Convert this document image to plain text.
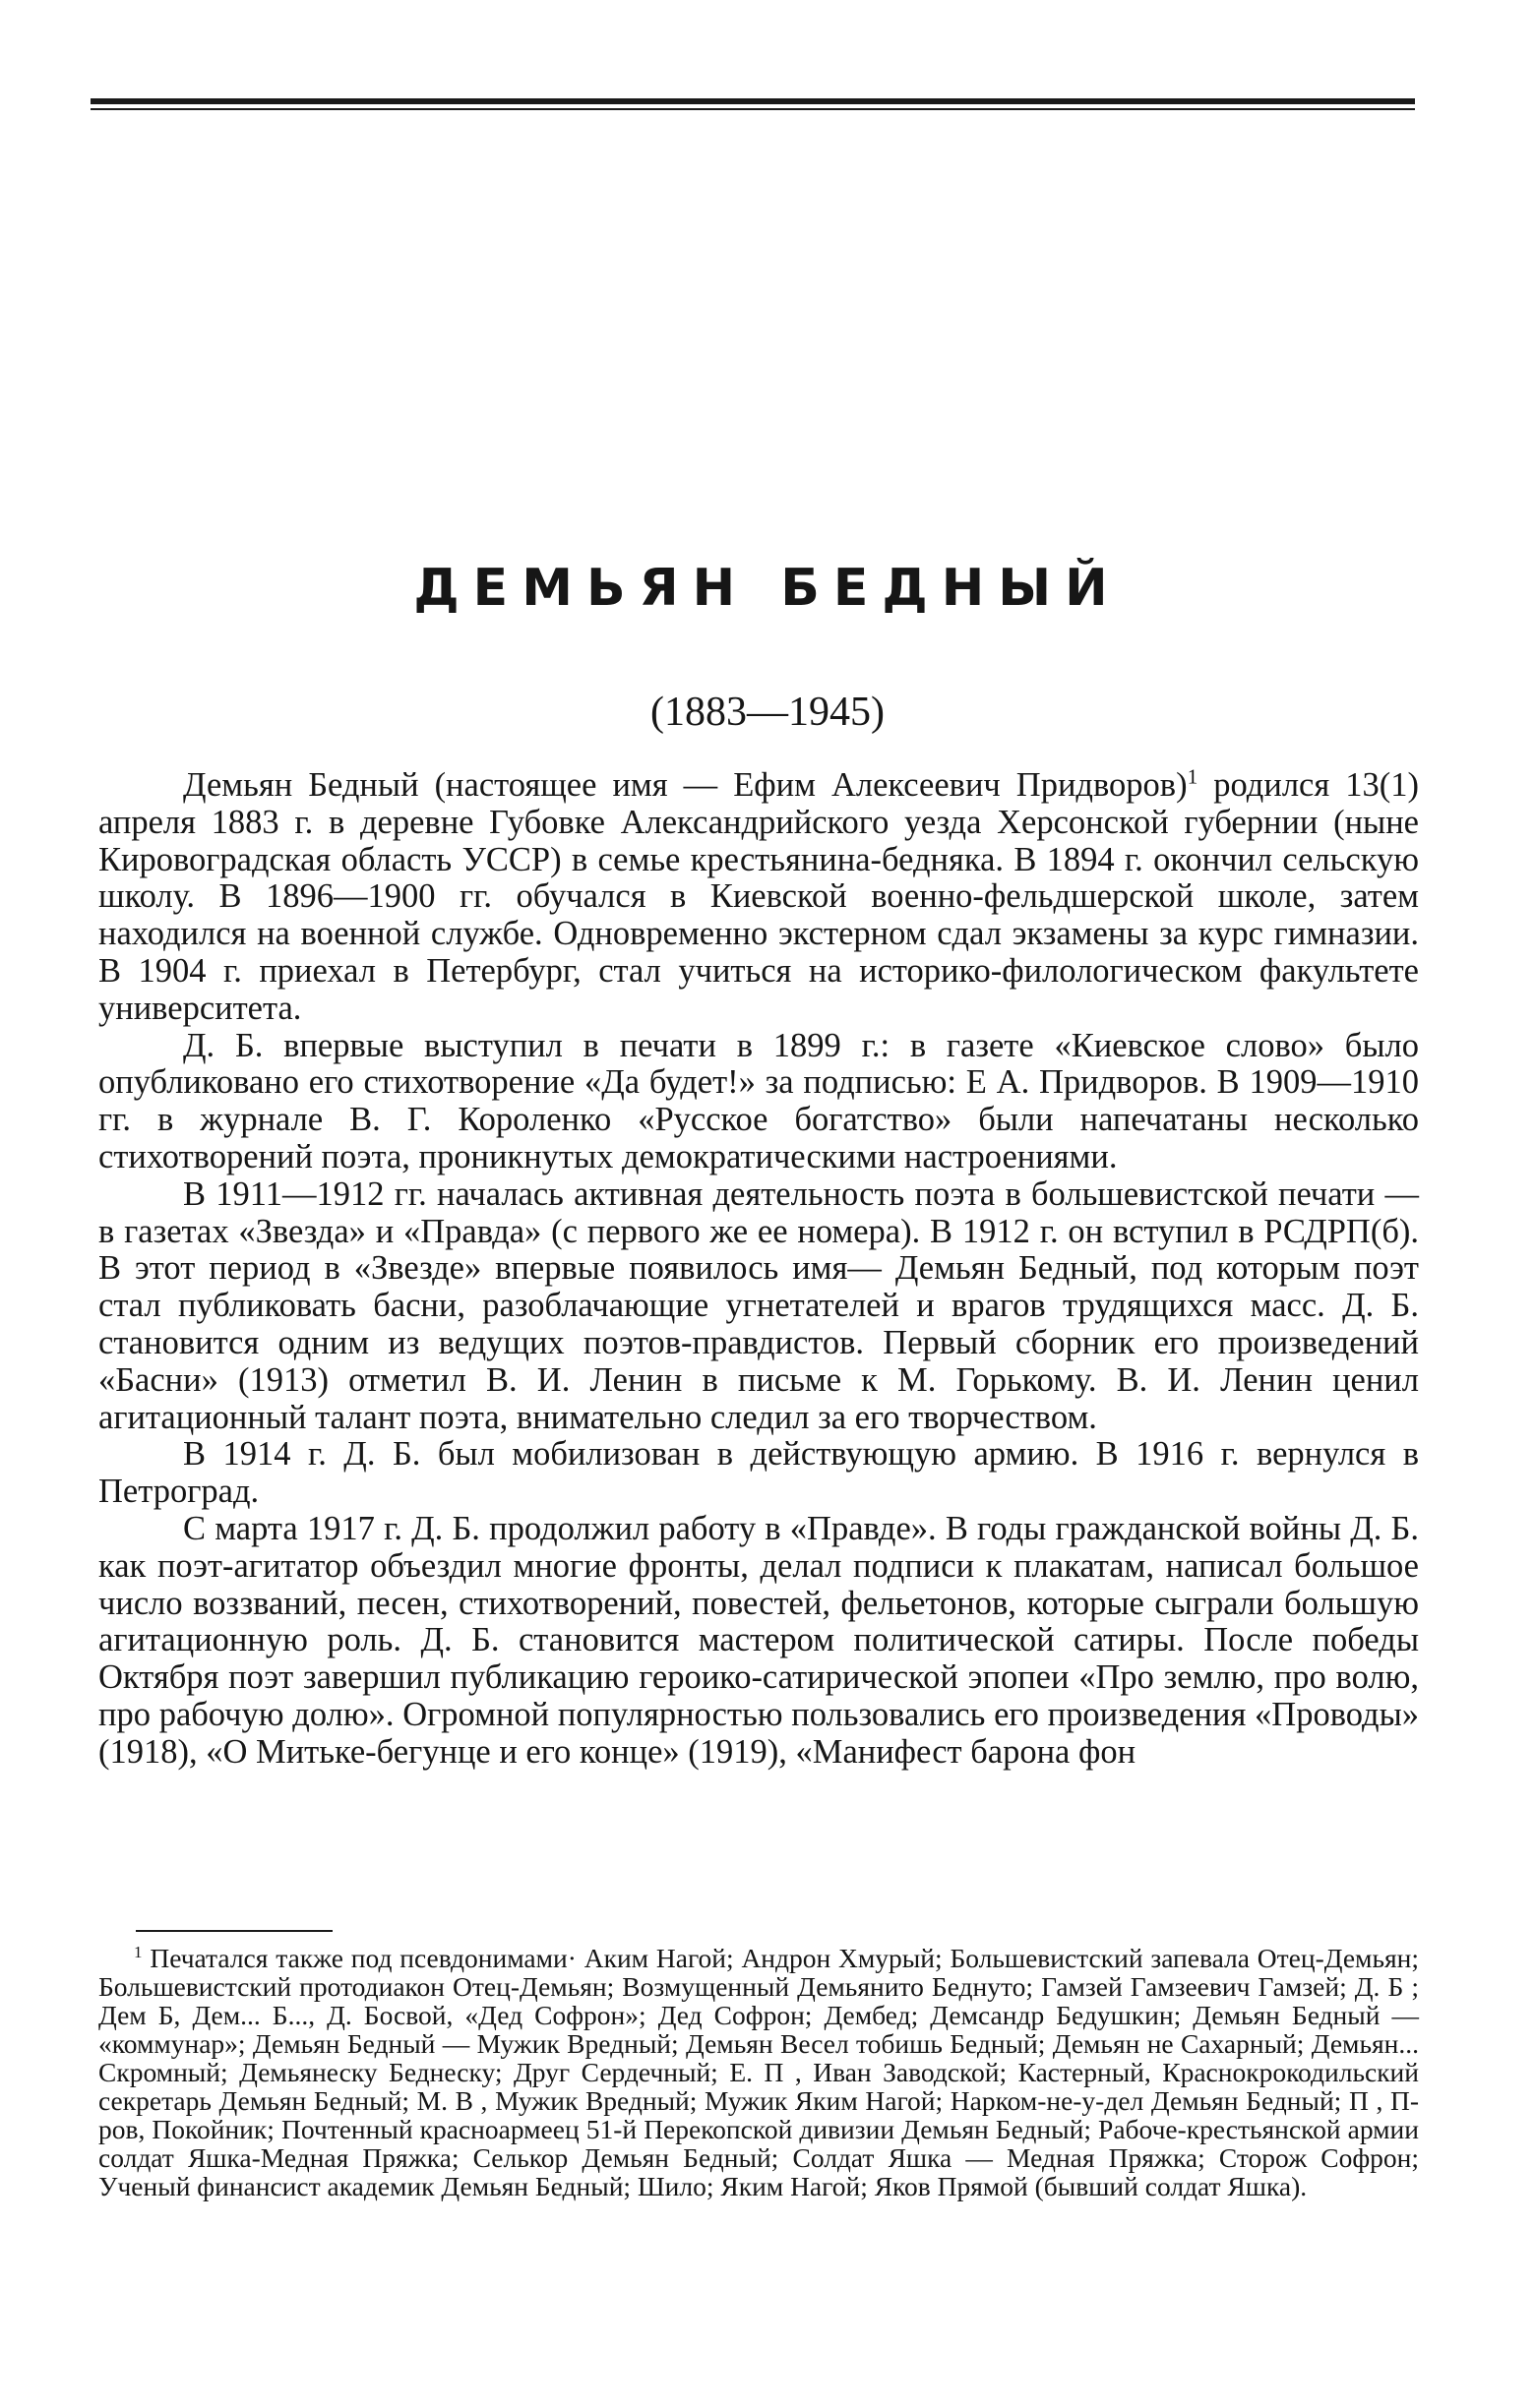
ДЕМЬЯН БЕДНЫЙ
(1883—1945)

Демьян Бедный (настоящее имя — Ефим Алексеевич Придворов)$^1$ родился 13(1) апреля 1883 г. в деревне Губовке Александрийского уезда Херсонской губернии (ныне Кировоградская область УССР) в семье крестьянина-бедняка. В 1894 г. окончил сельскую школу. В 1896—1900 гг. обучался в Киевской военно-фельдшерской школе, затем находился на военной службе. Одновременно экстерном сдал экзамены за курс гимназии. В 1904 г. приехал в Петербург, стал учиться на историко-филологическом факультете университета.

Д. Б. впервые выступил в печати в 1899 г.: в газете «Киевское слово» было опубликовано его стихотворение «Да будет!» за подписью: Е А. Придворов. В 1909—1910 гг. в журнале В. Г. Короленко «Русское богатство» были напечатаны несколько стихотворений поэта, проникнутых демократическими настроениями.

В 1911—1912 гг. началась активная деятельность поэта в большевистской печати — в газетах «Звезда» и «Правда» (с первого же ее номера). В 1912 г. он вступил в РСДРП(б). В этот период в «Звезде» впервые появилось имя— Демьян Бедный, под которым поэт стал публиковать басни, разоблачающие угнетателей и врагов трудящихся масс. Д. Б. становится одним из ведущих поэтов-правдистов. Первый сборник его произведений «Басни» (1913) отметил В. И. Ленин в письме к М. Горькому. В. И. Ленин ценил агитационный талант поэта, внимательно следил за его творчеством.

В 1914 г. Д. Б. был мобилизован в действующую армию. В 1916 г. вернулся в Петроград.

С марта 1917 г. Д. Б. продолжил работу в «Правде». В годы гражданской войны Д. Б. как поэт-агитатор объездил многие фронты, делал подписи к плакатам, написал большое число воззваний, песен, стихотворений, повестей, фельетонов, которые сыграли большую агитационную роль. Д. Б. становится мастером политической сатиры. После победы Октября поэт завершил публикацию героико-сатирической эпопеи «Про землю, про волю, про рабочую долю». Огромной популярностью пользовались его произведения «Проводы» (1918), «О Митьке-бегунце и его конце» (1919), «Манифест барона фон

$^1$ Печатался также под псевдонимами· Аким Нагой; Андрон Хмурый; Большевистский запевала Отец-Демьян; Большевистский протодиакон Отец-Демьян; Возмущенный Демьянито Беднуто; Гамзей Гамзеевич Гамзей; Д. Б ; Дем Б, Дем... Б..., Д. Босвой, «Дед Софрон»; Дед Софрон; Дембед; Демсандр Бедушкин; Демьян Бедный — «коммунар»; Демьян Бедный — Мужик Вредный; Демьян Весел тобишь Бедный; Демьян не Сахарный; Демьян... Скромный; Демьянеску Беднеску; Друг Сердечный; Е. П , Иван Заводской; Кастерный, Краснокрокодильский секретарь Демьян Бедный; М. В , Мужик Вредный; Мужик Яким Нагой; Нарком-не-у-дел Демьян Бедный; П , П-ров, Покойник; Почтенный красноармеец 51-й Перекопской дивизии Демьян Бедный; Рабоче-крестьянской армии солдат Яшка-Медная Пряжка; Селькор Демьян Бедный; Солдат Яшка — Медная Пряжка; Сторож Софрон; Ученый финансист академик Демьян Бедный; Шило; Яким Нагой; Яков Прямой (бывший солдат Яшка).
